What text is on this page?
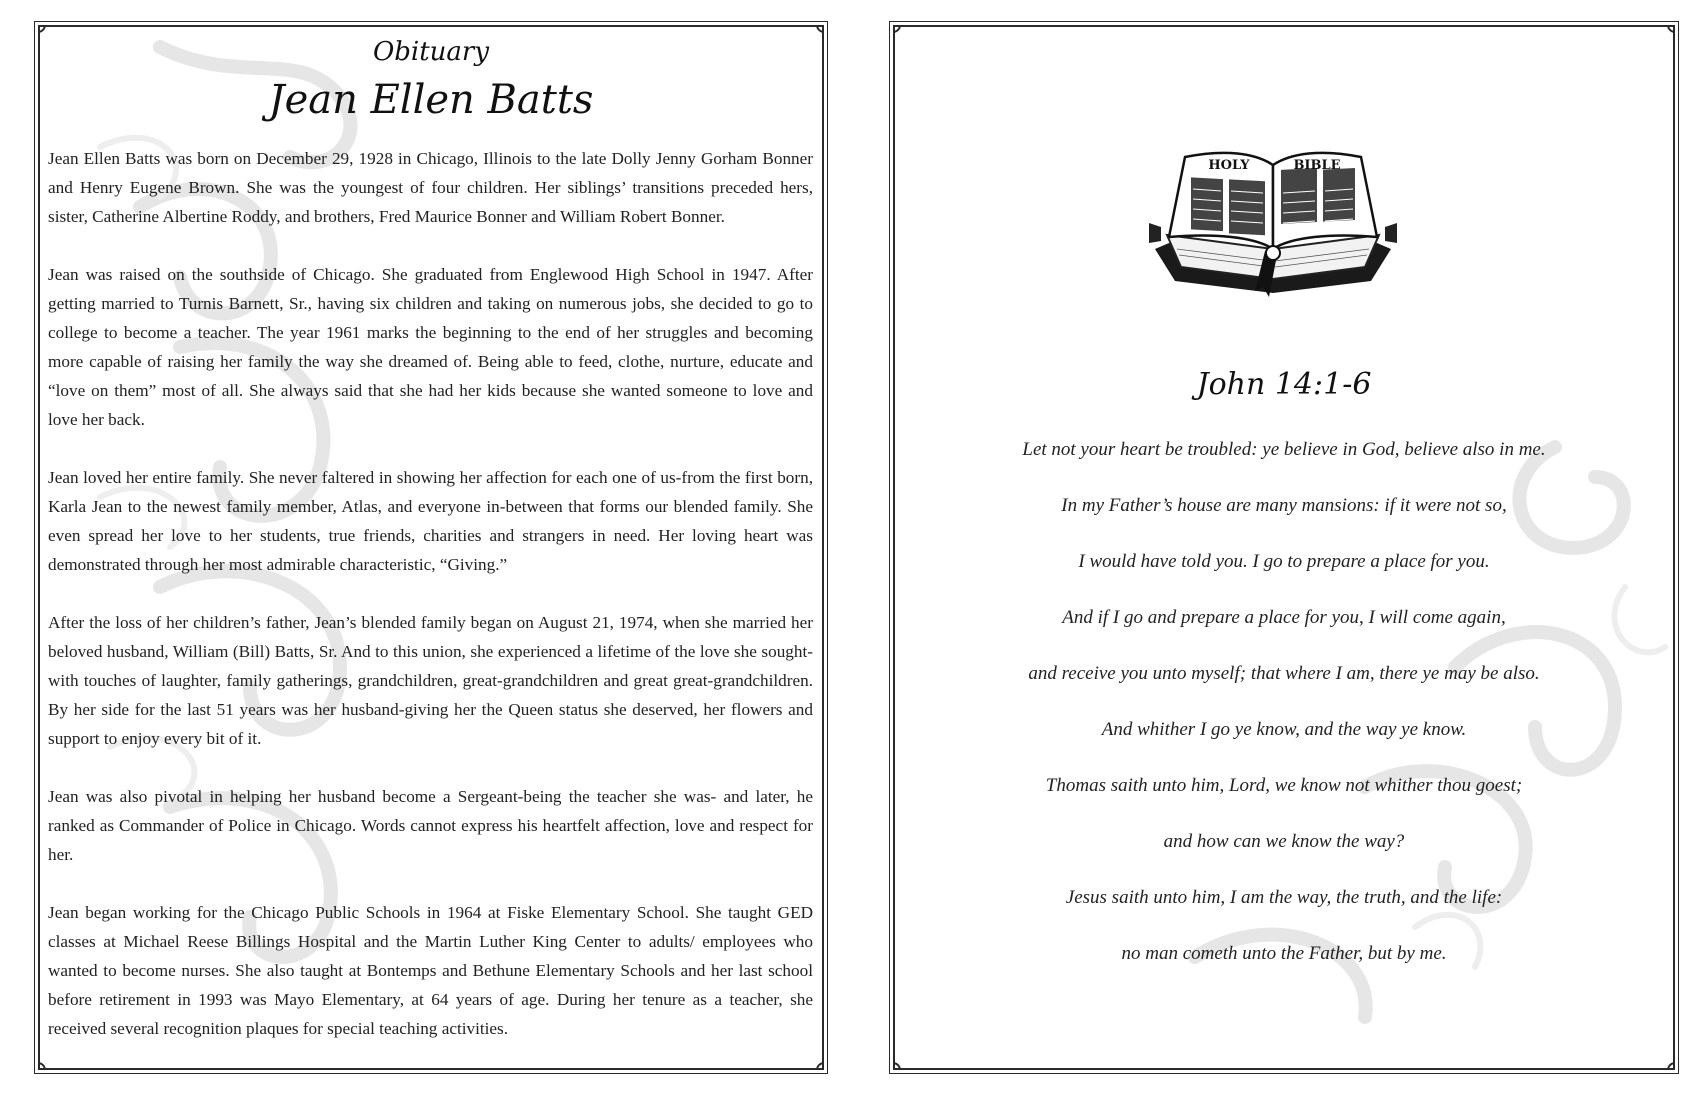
Obituary
Jean Ellen Batts

Jean Ellen Batts was born on December 29, 1928 in Chicago, Illinois to the late Dolly Jenny Gorham Bonner and Henry Eugene Brown. She was the youngest of four children. Her siblings’ transitions preceded hers, sister, Catherine Albertine Roddy, and brothers, Fred Maurice Bonner and William Robert Bonner.

Jean was raised on the southside of Chicago. She graduated from Englewood High School in 1947. After getting married to Turnis Barnett, Sr., having six children and taking on numerous jobs, she decided to go to college to become a teacher. The year 1961 marks the beginning to the end of her struggles and becoming more capable of raising her family the way she dreamed of. Being able to feed, clothe, nurture, educate and “love on them” most of all. She always said that she had her kids because she wanted someone to love and love her back.

Jean loved her entire family. She never faltered in showing her affection for each one of us-from the first born, Karla Jean to the newest family member, Atlas, and everyone in-between that forms our blended family. She even spread her love to her students, true friends, charities and strangers in need. Her loving heart was demonstrated through her most admirable characteristic, “Giving.”

After the loss of her children’s father, Jean’s blended family began on August 21, 1974, when she married her beloved husband, William (Bill) Batts, Sr. And to this union, she experienced a lifetime of the love she sought-with touches of laughter, family gatherings, grandchildren, great-grandchildren and great great-grandchildren. By her side for the last 51 years was her husband-giving her the Queen status she deserved, her flowers and support to enjoy every bit of it.

Jean was also pivotal in helping her husband become a Sergeant-being the teacher she was- and later, he ranked as Commander of Police in Chicago. Words cannot express his heartfelt affection, love and respect for her.

Jean began working for the Chicago Public Schools in 1964 at Fiske Elementary School. She taught GED classes at Michael Reese Billings Hospital and the Martin Luther King Center to adults/ employees who wanted to become nurses. She also taught at Bontemps and Bethune Elementary Schools and her last school before retirement in 1993 was Mayo Elementary, at 64 years of age. During her tenure as a teacher, she received several recognition plaques for special teaching activities.

HOLY	BIBLE
John 14:1-6
Let not your heart be troubled: ye believe in God, believe also in me.
In my Father’s house are many mansions: if it were not so,
I would have told you. I go to prepare a place for you.
And if I go and prepare a place for you, I will come again,
and receive you unto myself; that where I am, there ye may be also.
And whither I go ye know, and the way ye know.
Thomas saith unto him, Lord, we know not whither thou goest;
and how can we know the way?
Jesus saith unto him, I am the way, the truth, and the life:
no man cometh unto the Father, but by me.
